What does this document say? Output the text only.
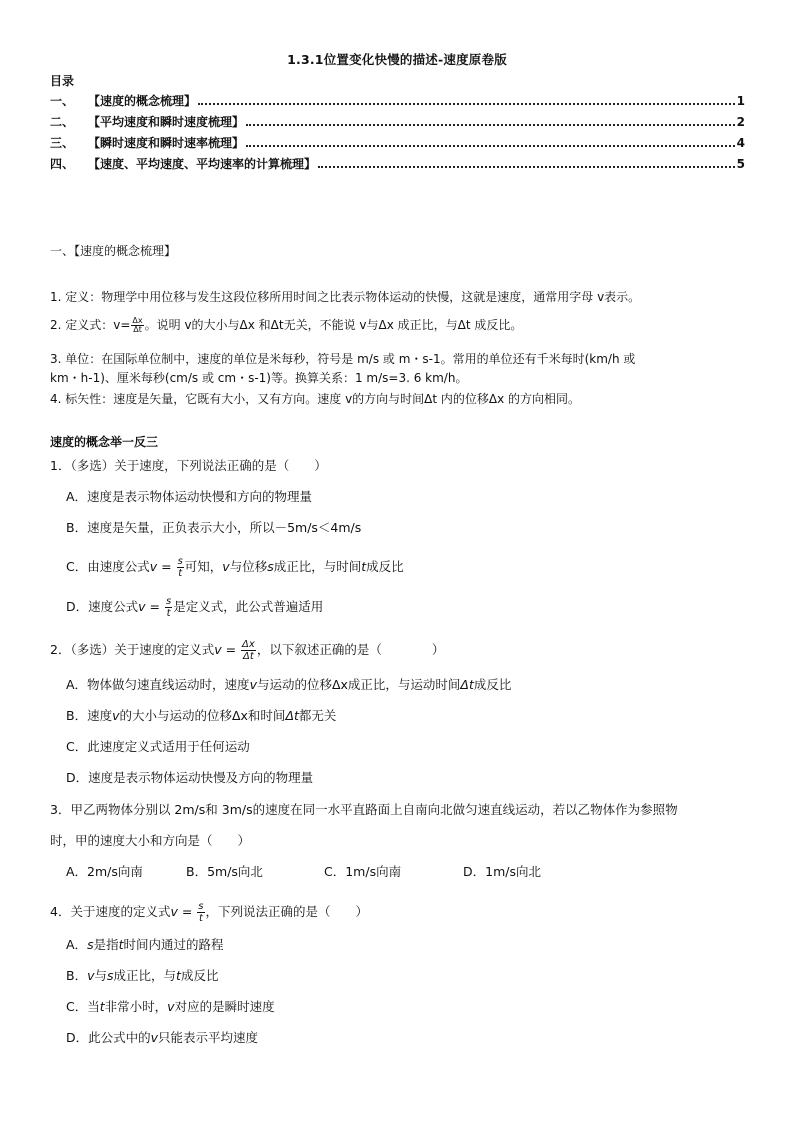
1.3.1位置变化快慢的描述-速度原卷版
目录
一、	【速度的概念梳理】	1
二、	【平均速度和瞬时速度梳理】	2
三、	【瞬时速度和瞬时速率梳理】	4
四、	【速度、平均速度、平均速率的计算梳理】	5
一、【速度的概念梳理】
1. 定义：物理学中用位移与发生这段位移所用时间之比表示物体运动的快慢，这就是速度，通常用字母 v表示。
2. 定义式：$v= \frac{\Delta x}{\Delta t}$ 。说明 v的大小与Δx 和Δt无关，不能说 v与Δx 成正比，与Δt 成反比。
3. 单位：在国际单位制中，速度的单位是米每秒，符号是 m/s 或 m・s-1。常用的单位还有千米每时(km/h 或
km・h-1)、厘米每秒(cm/s 或 cm・s-1)等。换算关系：1 m/s=3. 6 km/h。
4. 标矢性：速度是矢量，它既有大小，又有方向。速度 v的方向与时间Δt 内的位移Δx 的方向相同。
速度的概念举一反三
1．（多选）关于速度，下列说法正确的是（　　）
A．速度是表示物体运动快慢和方向的物理量
B．速度是矢量，正负表示大小，所以－5m/s＜4m/s
C．由速度公式$v = \frac{s}{t}$ 可知，v与位移s成正比，与时间t成反比
D．速度公式$v = \frac{s}{t}$ 是定义式，此公式普遍适用
2．（多选）关于速度的定义式$v = \frac{\Delta x}{\Delta t}$ ，以下叙述正确的是（　　　　）
A．物体做匀速直线运动时，速度v与运动的位移Δx成正比，与运动时间Δt成反比
B．速度v的大小与运动的位移Δx和时间Δt都无关
C．此速度定义式适用于任何运动
D．速度是表示物体运动快慢及方向的物理量
3．甲乙两物体分别以 2m/s和 3m/s的速度在同一水平直路面上自南向北做匀速直线运动，若以乙物体作为参照物
时，甲的速度大小和方向是（　　）
A．2m/s向南	B．5m/s向北	C．1m/s向南	D．1m/s向北
4．关于速度的定义式$v = \frac{s}{t}$ ，下列说法正确的是（　　）
A．s是指t时间内通过的路程
B．v与s成正比，与t成反比
C．当t非常小时，v对应的是瞬时速度
D．此公式中的v只能表示平均速度
